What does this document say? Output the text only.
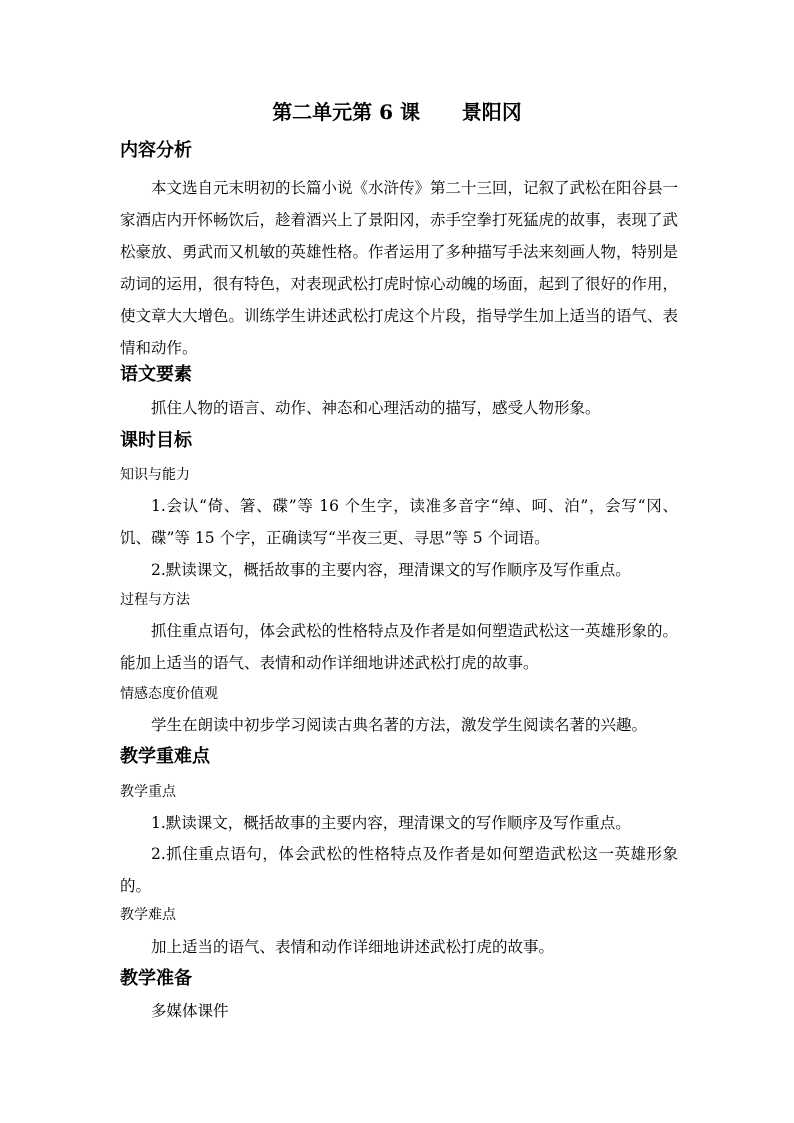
第二单元第 6 课      景阳冈
内容分析
本文选自元末明初的长篇小说《水浒传》第二十三回，记叙了武松在阳谷县一家酒店内开怀畅饮后，趁着酒兴上了景阳冈，赤手空拳打死猛虎的故事，表现了武松豪放、勇武而又机敏的英雄性格。作者运用了多种描写手法来刻画人物，特别是动词的运用，很有特色，对表现武松打虎时惊心动魄的场面，起到了很好的作用，使文章大大增色。训练学生讲述武松打虎这个片段，指导学生加上适当的语气、表情和动作。
语文要素
抓住人物的语言、动作、神态和心理活动的描写，感受人物形象。
课时目标
知识与能力
1.会认“倚、箸、碟”等 16 个生字，读准多音字“绰、呵、泊”，会写“冈、饥、碟”等 15 个字，正确读写“半夜三更、寻思”等 5 个词语。
2.默读课文，概括故事的主要内容，理清课文的写作顺序及写作重点。
过程与方法
抓住重点语句，体会武松的性格特点及作者是如何塑造武松这一英雄形象的。能加上适当的语气、表情和动作详细地讲述武松打虎的故事。
情感态度价值观
学生在朗读中初步学习阅读古典名著的方法，激发学生阅读名著的兴趣。
教学重难点
教学重点
1.默读课文，概括故事的主要内容，理清课文的写作顺序及写作重点。
2.抓住重点语句，体会武松的性格特点及作者是如何塑造武松这一英雄形象的。
教学难点
加上适当的语气、表情和动作详细地讲述武松打虎的故事。
教学准备
多媒体课件
